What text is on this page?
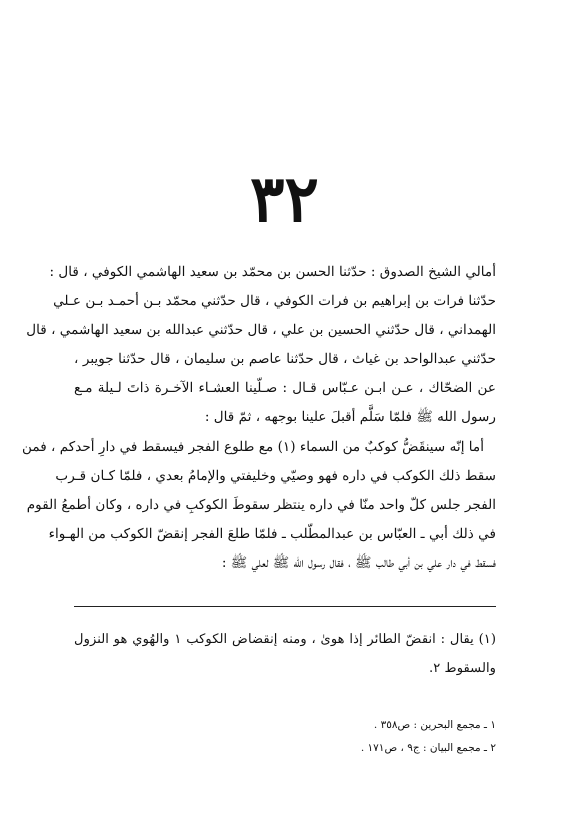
٣٢
أمالي الشيخ الصدوق : حدّثنا الحسن بن محمّد بن سعيد الهاشمي الكوفي ، قال :
حدّثنا فرات بن إبراهيم بن فرات الكوفي ، قال حدّثني محمّد بـن أحمـد بـن عـلي
الهمداني ، قال حدّثني الحسين بن علي ، قال حدّثني عبدالله بن سعيد الهاشمي ، قال
حدّثني عبدالواحد بن غياث ، قال حدّثنا عاصم بن سليمان ، قال حدّثنا جويبر ،
عن الضحّاك ، عـن ابـن عـبّاس قـال : صـلّينا العشـاء الآخـرة ذاتَ لـيلة مـع
رسول الله ﷺ فلمّا سَلَّم أقبلَ علينا بوجهه ، ثمّ قال :
أما إنّه سينقَضُّ كوكبٌ من السماء (١) مع طلوع الفجر فيسقط في دارِ أحدكم ، فمن
سقط ذلك الكوكب في داره فهو وصيّي وخليفتي والإمامُ بعدي ، فلمّا كـان قـرب
الفجر جلس كلّ واحد منّا في داره ينتظر سقوطَ الكوكبِ في داره ، وكان أطمعُ القوم
في ذلك أبي ـ العبّاس بن عبدالمطّلب ـ فلمّا طلعَ الفجر إنقضّ الكوكب من الهـواء
فسقط في دار علي بن أبي طالب ﷺ ، فقال رسول الله ﷺ لعلي ﷺ :
(١) يقال : انقضّ الطائر إذا هوىٰ ، ومنه إنقضاض الكوكب ١ والهُوي هو النزول
والسقوط ٢.
١ ـ مجمع البحرين : ص٣٥٨ .
٢ ـ مجمع البيان : ج٩ ، ص١٧١ .
